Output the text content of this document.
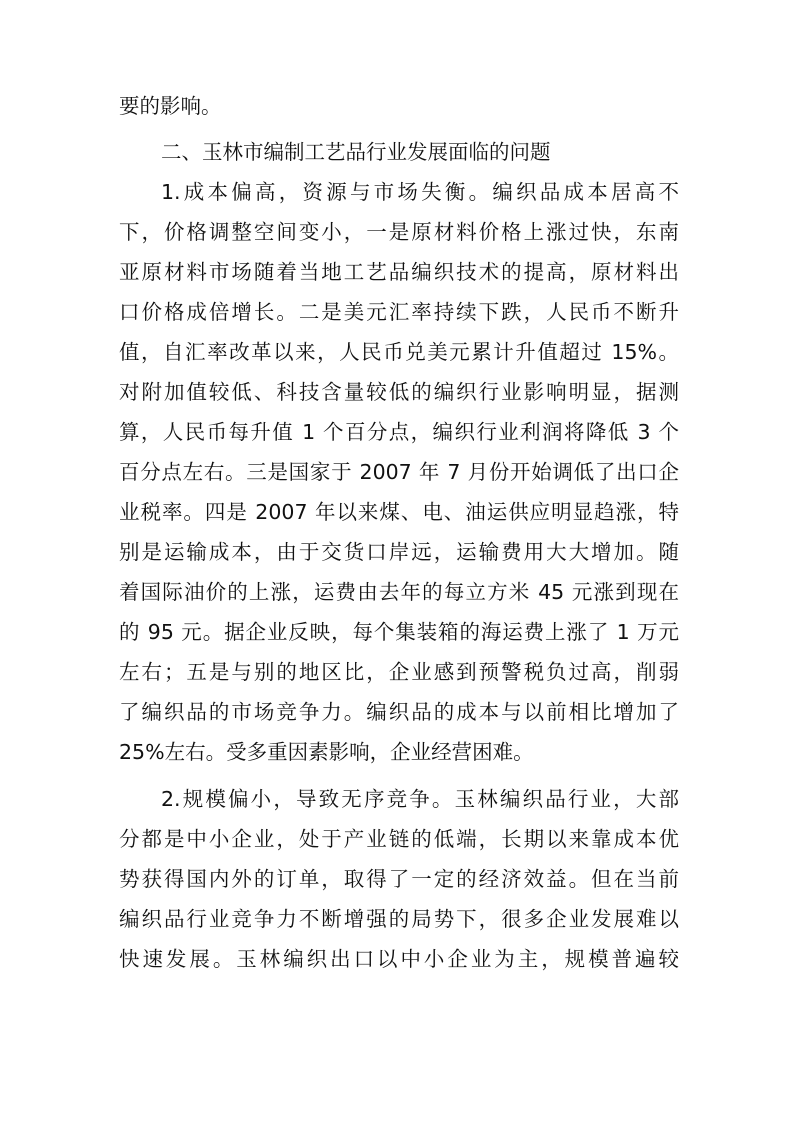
要的影响。
二、玉林市编制工艺品行业发展面临的问题
1.成本偏高，资源与市场失衡。编织品成本居高不
下，价格调整空间变小，一是原材料价格上涨过快，东南
亚原材料市场随着当地工艺品编织技术的提高，原材料出
口价格成倍增长。二是美元汇率持续下跌，人民币不断升
值，自汇率改革以来，人民币兑美元累计升值超过 15%。
对附加值较低、科技含量较低的编织行业影响明显，据测
算，人民币每升值 1 个百分点，编织行业利润将降低 3 个
百分点左右。三是国家于 2007 年 7 月份开始调低了出口企
业税率。四是 2007 年以来煤、电、油运供应明显趋涨，特
别是运输成本，由于交货口岸远，运输费用大大增加。随
着国际油价的上涨，运费由去年的每立方米 45 元涨到现在
的 95 元。据企业反映，每个集装箱的海运费上涨了 1 万元
左右；五是与别的地区比，企业感到预警税负过高，削弱
了编织品的市场竞争力。编织品的成本与以前相比增加了
25%左右。受多重因素影响，企业经营困难。
2.规模偏小，导致无序竞争。玉林编织品行业，大部
分都是中小企业，处于产业链的低端，长期以来靠成本优
势获得国内外的订单，取得了一定的经济效益。但在当前
编织品行业竞争力不断增强的局势下，很多企业发展难以
快速发展。玉林编织出口以中小企业为主，规模普遍较
